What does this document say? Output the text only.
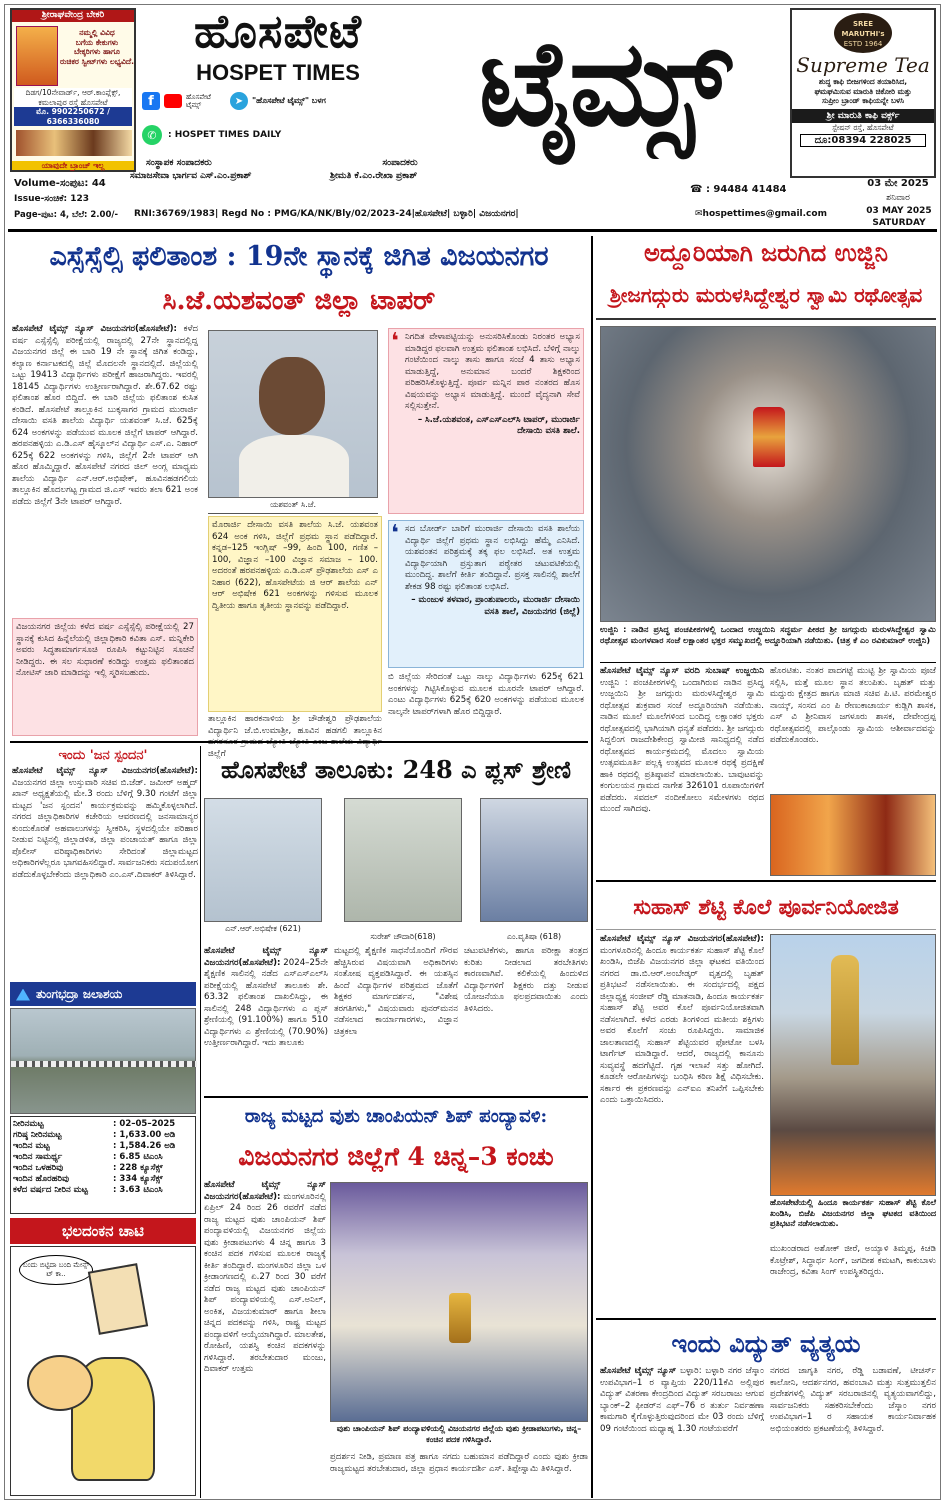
ಶ್ರೀರಾಘವೇಂದ್ರ ಬೇಕರಿ
ನಮ್ಮಲ್ಲಿ ವಿವಿಧ
ಬಗೆಯ ಕೇಕುಗಳು
ಬೇಕ್ಕರಿಗಳು ಹಾಗೂ
ರುಚಿಕರ ಸ್ವೀಟ್‌ಗಳು ಲಭ್ಯವಿದೆ.
ದಿಡಗ/10ನೇವಾರ್ಡ್, ಆರ್.ಕಾಂಪ್ಲೆಕ್ಸ್,
ಕಮಲಾಪುರ ರಸ್ತೆ ಹೊಸಪೇಟೆ
ಮೊ. 9902250672 / 6366336080
ಯಾವುದೇ ಬ್ರಾಂಚ್ ಇಲ್ಲ
ಹೊಸಪೇಟೆ
HOSPET TIMES	ಟೈಮ್ಸ್
f	ಹೊಸಪೇಟೆ ಟೈಮ್ಸ್	➤	"ಹೊಸಪೇಟೆ ಟೈಮ್ಸ್" ಬಳಗ
✆	: HOSPET TIMES DAILY
SREE MARUTHI's
ESTD 1964
Supreme Tea
ಶುದ್ಧ ಕಾಫಿ ಬೀಜಗಳಿಂದ ತಯಾರಿಸಿದ,
ಘಮಘಮಿಸುವ ಮಾರುತಿ ಚಿಕೋರಿ ಮತ್ತು
ಸುಪ್ರೀಂ ಬ್ರಾಂಡ್ ಕಾಫಿಯನ್ನೇ ಬಳಸಿ
ಶ್ರೀ ಮಾರುತಿ ಕಾಫಿ ವರ್ಕ್ಸ್
ಸ್ಟೇಷನ್ ರಸ್ತೆ, ಹೊಸಪೇಟೆ
ದೂ:08394 228025
ಸಂಸ್ಥಾಪಕ ಸಂಪಾದಕರು	ಸಂಪಾದಕರು
ಸಮಾಜಸೇವಾ ಭಾರ್ಗವ ಎಸ್.ಎಂ.ಪ್ರಕಾಶ್	ಶ್ರೀಮತಿ ಕೆ.ಎಂ.ರೇಖಾ ಪ್ರಕಾಶ್
Volume-ಸಂಪುಟ: 44
Issue-ಸಂಚಿಕೆ: 123
Page-ಪುಟ: 4, ಬೆಲೆ: 2.00/-
☎ : 94484 41484
03 ಮೇ 2025
ಶನಿವಾರ
RNI:36769/1983| Regd No : PMG/KA/NK/Bly/02/2023-24|ಹೊಸಪೇಟೆ| ಬಳ್ಳಾರಿ| ವಿಜಯನಗರ|	✉hospettimes@gmail.com	03 MAY 2025
SATURDAY
ಎಸ್ಸೆಸ್ಸೆಲ್ಸಿ ಫಲಿತಾಂಶ : 19ನೇ ಸ್ಥಾನಕ್ಕೆ ಜಿಗಿತ ವಿಜಯನಗರ
ಸಿ.ಜೆ.ಯಶವಂತ್ ಜಿಲ್ಲಾ ಟಾಪರ್

ಹೊಸಪೇಟೆ ಟೈಮ್ಸ್ ನ್ಯೂಸ್ ವಿಜಯನಗರ(ಹೊಸಪೇಟೆ): ಕಳೆದ ವರ್ಷ ಎಸ್ಸೆಸ್ಸೆಲ್ಸಿ ಪರೀಕ್ಷೆಯಲ್ಲಿ ರಾಜ್ಯದಲ್ಲಿ 27ನೇ ಸ್ಥಾನದಲ್ಲಿದ್ದ ವಿಜಯನಗರ ಜಿಲ್ಲೆ ಈ ಬಾರಿ 19 ನೇ ಸ್ಥಾನಕ್ಕೆ ಜಿಗಿತ ಕಂಡಿದ್ದು, ಕಲ್ಯಾಣ ಕರ್ನಾಟಕದಲ್ಲಿ ಜಿಲ್ಲೆ ಮೊದಲನೇ ಸ್ಥಾನದಲ್ಲಿದೆ. ಜಿಲ್ಲೆಯಲ್ಲಿ ಒಟ್ಟು 19413 ವಿದ್ಯಾರ್ಥಿಗಳು ಪರೀಕ್ಷೆಗೆ ಹಾಜರಾಗಿದ್ದರು. ಇವರಲ್ಲಿ 18145 ವಿದ್ಯಾರ್ಥಿಗಳು ಉತ್ತೀರ್ಣರಾಗಿದ್ದಾರೆ. ಶೇ.67.62 ರಷ್ಟು ಫಲಿತಾಂಶ ಹೊರ ಬಿದ್ದಿದೆ. ಈ ಬಾರಿ ಜಿಲ್ಲೆಯ ಫಲಿತಾಂಶ ಕುಸಿತ ಕಂಡಿದೆ. ಹೊಸಪೇಟೆ ತಾಲ್ಲೂಕಿನ ಬುಕ್ಕಸಾಗರ ಗ್ರಾಮದ ಮುರಾರ್ಜಿ ದೇಸಾಯಿ ವಸತಿ ಶಾಲೆಯ ವಿದ್ಯಾರ್ಥಿ ಯಶವಂತ್ ಸಿ.ಜೆ. 625ಕ್ಕೆ 624 ಅಂಕಗಳನ್ನು ಪಡೆಯುವ ಮೂಲಕ ಜಿಲ್ಲೆಗೆ ಟಾಪರ್ ಆಗಿದ್ದಾರೆ. ಹರಪನಹಳ್ಳಿಯ ಎ.ಡಿ.ಎಸ್ ಹೈಸ್ಕೂಲ್‌ನ ವಿದ್ಯಾರ್ಥಿ ಎಸ್.ಎ. ನಿಹಾರ್ 625ಕ್ಕೆ 622 ಅಂಕಗಳನ್ನು ಗಳಿಸಿ, ಜಿಲ್ಲೆಗೆ 2ನೇ ಟಾಪರ್ ಆಗಿ ಹೊರ ಹೊಮ್ಮಿದ್ದಾರೆ. ಹೊಸಪೇಟೆ ನಗರದ ಜಿಲ್ ಅಂಗ್ಲ ಮಾಧ್ಯಮ ಶಾಲೆಯ ವಿದ್ಯಾರ್ಥಿ ಎನ್.ಆರ್.ಅಭಿಷೇಕ್, ಹೂವಿನಹಡಗಲಿಯ ತಾಲ್ಲೂಕಿನ ಹೊದಲಗಟ್ಟ ಗ್ರಾಮದ ಜಿ.ಎಸ್ ಇವರು ತಲಾ 621 ಅಂಕ ಪಡೆದು ಜಿಲ್ಲೆಗೆ 3ನೇ ಟಾಪರ್ ಆಗಿದ್ದಾರೆ.

ವಿಜಯನಗರ ಜಿಲ್ಲೆಯ ಕಳೆದ ವರ್ಷ ಎಸ್ಸೆಸ್ಸೆಲ್ಸಿ ಪರೀಕ್ಷೆಯಲ್ಲಿ 27 ಸ್ಥಾನಕ್ಕೆ ಕುಸಿದ ಹಿನ್ನೆಲೆಯಲ್ಲಿ ಜಿಲ್ಲಾಧಿಕಾರಿ ಕವಿತಾ ಎಸ್. ಮನ್ನಿಕೇರಿ ಅವರು ಸಿದ್ಧತಾಮಾರ್ಗಸೂಚಿ ರೂಪಿಸಿ ಕಟ್ಟುನಿಟ್ಟಿನ ಸೂಚನೆ ನೀಡಿದ್ದರು. ಈ ಸಲ ಸುಧಾರಣೆ ಕಂಡಿದ್ದು ಉತ್ತಮ ಫಲಿತಾಂಶದ ನೋಟಿಸ್ ಜಾರಿ ಮಾಡಿದನ್ನು ಇಲ್ಲಿ ಸ್ಮರಿಸಬಹುದು.
ಯಶವಂತ್ ಸಿ.ಜೆ.
ಮೊರಾರ್ಜಿ ದೇಸಾಯಿ ವಸತಿ ಶಾಲೆಯ ಸಿ.ಜೆ. ಯಶವಂತ 624 ಅಂಕ ಗಳಿಸಿ, ಜಿಲ್ಲೆಗೆ ಪ್ರಥಮ ಸ್ಥಾನ ಪಡೆದಿದ್ದಾರೆ. ಕನ್ನಡ–125 ಇಂಗ್ಲಿಷ್ –99, ಹಿಂದಿ 100, ಗಣಿತ –100, ವಿಜ್ಞಾನ –100 ವಿಜ್ಞಾನ ಸಮಾಜ – 100. ಅದರಂತೆ ಹರಪನಹಳ್ಳಿಯ ಎ.ಡಿ.ಎಸ್ ಪ್ರೌಢಶಾಲೆಯ ಎಸ್ ಎ ನಿಹಾರ (622), ಹೊಸಪೇಟೆಯ ಜಿ ಆರ್ ಶಾಲೆಯ ಎನ್ ಆರ್ ಅಭಿಷೇಕ 621 ಅಂಕಗಳನ್ನು ಗಳಿಸುವ ಮೂಲಕ ದ್ವಿತೀಯ ಹಾಗೂ ತೃತೀಯ ಸ್ಥಾನವನ್ನು ಪಡೆದಿದ್ದಾರೆ.
ತಾಲ್ಲೂಕಿನ ಹಾರಕನಾಳಿಯ ಶ್ರೀ ಚೌಡೇಶ್ವರಿ ಪ್ರೌಢಶಾಲೆಯ ವಿದ್ಯಾರ್ಥಿನಿ ಜೆ.ಬಿ.ಉಮಾಶ್ರೀ, ಹೂವಿನ ಹಡಗಲಿ ತಾಲ್ಲೂಕಿನ ಜಿಲ್ಲೆಗೆ
❛ ನಿಗದಿತ ವೇಳಾಪಟ್ಟಿಯನ್ನು ಅನುಸರಿಸಿಕೊಂಡು ನಿರಂತರ ಅಭ್ಯಾಸ ಮಾಡಿದ್ದರ ಫಲವಾಗಿ ಉತ್ತಮ ಫಲಿತಾಂಶ ಲಭಿಸಿದೆ. ಬೆಳಿಗ್ಗೆ ನಾಲ್ಕು ಗಂಟೆಯಿಂದ ನಾಲ್ಕು ತಾಸು ಹಾಗೂ ಸಂಜೆ 4 ತಾಸು ಅಭ್ಯಾಸ ಮಾಡುತ್ತಿದ್ದೆ, ಅನುಮಾನ ಬಂದರೆ ಶಿಕ್ಷಕರಿಂದ ಪರಿಹರಿಸಿಕೊಳ್ಳುತ್ತಿದ್ದೆ. ಪೂರ್ವ ಮನ್ನಿನ ಪಾಠ ನಂತರದ ಹೊಸ ವಿಷಯವನ್ನು ಅಭ್ಯಾಸ ಮಾಡುತ್ತಿದ್ದೆ. ಮುಂದೆ ವೈದ್ಯನಾಗಿ ಸೇವೆ ಸಲ್ಲಿಸುತ್ತೇನೆ.
– ಸಿ.ಜೆ.ಯಶವಂತ, ಎಸ್ಎಸ್ಎಲ್‌ಸಿ ಟಾಪರ್, ಮುರಾರ್ಜಿ ದೇಸಾಯಿ ವಸತಿ ಶಾಲೆ.
❛ ಸದ ಬೋರ್ಡ್ ಬಾರಿಗೆ ಮುರಾರ್ಜಿ ದೇಸಾಯಿ ವಸತಿ ಶಾಲೆಯ ವಿದ್ಯಾರ್ಥಿ ಜಿಲ್ಲೆಗೆ ಪ್ರಥಮ ಸ್ಥಾನ ಲಭಿಸಿದ್ದು ಹೆಮ್ಮೆ ಎನಿಸಿದೆ. ಯಶವಂತನ ಪರಿಶ್ರಮಕ್ಕೆ ತಕ್ಕ ಫಲ ಲಭಿಸಿದೆ. ಅತ ಉತ್ತಮ ವಿದ್ಯಾರ್ಥಿಯಾಗಿ ಪ್ರಸ್ತುತಾಗ ಪಠ್ಯೇತರ ಚಟುವಟಿಕೆಯಲ್ಲಿ ಮುಂದಿದ್ದ. ಶಾಲೆಗೆ ಕೀರ್ತಿ ತಂದಿದ್ದಾನೆ. ಪ್ರಸಕ್ತ ಸಾಲಿನಲ್ಲಿ ಶಾಲೆಗೆ ಶೇಕಡ 98 ರಷ್ಟು ಫಲಿತಾಂಶ ಲಭಿಸಿದೆ.
– ಮಂಜುಳ ತಳವಾರ, ಪ್ರಾಂಶುಪಾಲರು, ಮುರಾರ್ಜಿ ದೇಸಾಯಿ ವಸತಿ ಶಾಲೆ, ವಿಜಯನಗರ (ಜಿಲ್ಲೆ)
ಬಿ ಜಿಲ್ಲೆಯ ಸೇರಿದಂತೆ ಒಟ್ಟು ನಾಲ್ಕು ವಿದ್ಯಾರ್ಥಿಗಳು 625ಕ್ಕೆ 621 ಅಂಕಗಳನ್ನು ಗಿಟ್ಟಿಸಿಕೊಳ್ಳುವ ಮೂಲಕ ಮೂರನೇ ಟಾಪರ್ ಆಗಿದ್ದಾರೆ. ಎಂಟು ವಿದ್ಯಾರ್ಥಿಗಳು 625ಕ್ಕೆ 620 ಅಂಕಗಳನ್ನು ಪಡೆಯುವ ಮೂಲಕ ನಾಲ್ಕನೇ ಟಾಪರ್‌ಗಳಾಗಿ ಹೊರ ಬಿದ್ದಿದ್ದಾರೆ.
ಅದ್ದೂರಿಯಾಗಿ ಜರುಗಿದ ಉಜ್ಜಿನಿ
ಶ್ರೀಜಗದ್ಗುರು ಮರುಳಸಿದ್ದೇಶ್ವರ ಸ್ವಾಮಿ ರಥೋತ್ಸವ
ಉಜ್ಜಿನಿ : ನಾಡಿನ ಪ್ರಸಿದ್ಧ ಪಂಚಪೀಠಗಳಲ್ಲಿ ಒಂದಾದ ಉಜ್ಜಯಿನಿ ಸದ್ಧರ್ಮ ಪೀಠದ ಶ್ರೀ ಜಗದ್ಗುರು ಮರುಳಸಿದ್ದೇಶ್ವರ ಸ್ವಾಮಿ ರಥೋತ್ಸವ ಮಂಗಳವಾರ ಸಂಜೆ ಲಕ್ಷಾಂತರ ಭಕ್ತರ ಸಮ್ಮುಖದಲ್ಲಿ ಅದ್ದೂರಿಯಾಗಿ ನಡೆಯಿತು. (ಚಿತ್ರ ಕೆ ಎಂ ರವಿಕುಮಾರ್ ಉಜ್ಜಿನಿ)

ಹೊಸಪೇಟೆ ಟೈಮ್ಸ್ ನ್ಯೂಸ್ ವರದಿ ಸುಬಾಷ್ ಉಜ್ಜಯಿನಿ ಉಜ್ಜಿನಿ : ಪಂಚಪೀಠಗಳಲ್ಲಿ ಒಂದಾಗಿರುವ ನಾಡಿನ ಪ್ರಸಿದ್ಧ ಉಜ್ಜಯಿನಿ ಶ್ರೀ ಜಗದ್ಗುರು ಮರುಳಸಿದ್ದೇಶ್ವರ ಸ್ವಾಮಿ ರಥೋತ್ಸವ ಶುಕ್ರವಾರ ಸಂಜೆ ಅದ್ದೂರಿಯಾಗಿ ನಡೆಯಿತು. ನಾಡಿನ ಮೂಲೆ ಮೂಲೆಗಳಿಂದ ಬಂದಿದ್ದ ಲಕ್ಷಾಂತರ ಭಕ್ತರು ರಥೋತ್ಸವದಲ್ಲಿ ಭಾಗಿಯಾಗಿ ಧನ್ಯತೆ ಪಡೆದರು. ಶ್ರೀ ಜಗದ್ಗುರು ಸಿದ್ದಲಿಂಗ ರಾಜದೇಶಿಕೇಂದ್ರ ಸ್ವಾಮೀಜಿ ಸಾನಿಧ್ಯದಲ್ಲಿ ನಡೆದ ರಥೋತ್ಸವದ ಕಾರ್ಯಕ್ರಮದಲ್ಲಿ ಮೊದಲು ಸ್ವಾಮಿಯ ಉತ್ಸವಮೂರ್ತಿ ಪಲ್ಲಕ್ಕಿ ಉತ್ಸವದ ಮೂಲಕ ರಥಕ್ಕೆ ಪ್ರದಕ್ಷಿಣೆ ಹಾಕಿ ರಥದಲ್ಲಿ ಪ್ರತಿಷ್ಠಾಪನೆ ಮಾಡಲಾಯಿತು. ಬಾವುಟವನ್ನು ಕಂಗುಲಯನ ಗ್ರಾಮದ ನಾಗೇಶ 326101 ರೂಪಾಯಿಗಳಿಗೆ ಪಡೆದರು. ಸವದಲ್ ನಂದೀಕೋಲು ಸಮೇಳಗಳು ರಥದ ಮುಂದೆ ಸಾಗಿದವು.

ಹೊರಟಿತು. ನಂತರ ಪಾದಗಟ್ಟೆ ಮುಟ್ಟಿ ಶ್ರೀ ಸ್ವಾಮಿಯ ಪೂಜೆ ಸಲ್ಲಿಸಿ, ಮತ್ತೆ ಮೂಲ ಸ್ಥಾನ ತಲುಪಿತು. ಬೃಹತ್ ಮತ್ತು ಮದ್ದುರು ಕ್ಷೇತ್ರದ ಹಾಗೂ ಮಾಜಿ ಸಚಿವ ಪಿ.ಟಿ. ಪರಮೇಶ್ವರ ನಾಯ್ಕ್, ಸಂಸದ ಎಂ ಪಿ ರೇಣುಕಾಚಾರ್ಯ ಕುಡ್ಲಿಗಿ ಶಾಸಕ, ಎಸ್ ವಿ ಶ್ರೀನಿವಾಸ ಜಗಳೂರು ಶಾಸಕ, ದೇವೇಂದ್ರಪ್ಪ ರಥೋತ್ಸವದಲ್ಲಿ ಪಾಲ್ಗೊಂಡು ಸ್ವಾಮಿಯ ಆಶೀರ್ವಾದವನ್ನು ಪಡೆದುಕೊಂಡರು.
ಇಂದು 'ಜನ ಸ್ಪಂದನ'

ಹೊಸಪೇಟೆ ಟೈಮ್ಸ್ ನ್ಯೂಸ್ ವಿಜಯನಗರ(ಹೊಸಪೇಟೆ): ವಿಜಯನಗರ ಜಿಲ್ಲಾ ಉಸ್ತುವಾರಿ ಸಚಿವ ಬಿ.ಜೆಡ್. ಜಮೀರ್ ಅಹ್ಮದ್ ಖಾನ್ ಅಧ್ಯಕ್ಷತೆಯಲ್ಲಿ ಮೇ.3 ರಂದು ಬೆಳಿಗ್ಗೆ 9.30 ಗಂಟೆಗೆ ಜಿಲ್ಲಾ ಮಟ್ಟದ 'ಜನ ಸ್ಪಂದನ' ಕಾರ್ಯಕ್ರಮವನ್ನು ಹಮ್ಮಿಕೊಳ್ಳಲಾಗಿದೆ. ನಗರದ ಜಿಲ್ಲಾಧಿಕಾರಿಗಳ ಕಚೇರಿಯ ಆವರಣದಲ್ಲಿ ಜನಸಾಮಾನ್ಯರ ಕುಂದುಕೊರತೆ ಅಹವಾಲುಗಳನ್ನು ಸ್ವೀಕರಿಸಿ, ಸ್ಥಳದಲ್ಲಿಯೇ ಪರಿಹಾರ ನೀಡುವ ನಿಟ್ಟಿನಲ್ಲಿ ಜಿಲ್ಲಾಡಳಿತ, ಜಿಲ್ಲಾ ಪಂಚಾಯತ್ ಹಾಗೂ ಜಿಲ್ಲಾ ಪೊಲೀಸ್ ವರಿಷ್ಠಾಧಿಕಾರಿಗಳು ಸೇರಿದಂತೆ ಜಿಲ್ಲಾಮಟ್ಟದ ಅಧಿಕಾರಿಗಳೆಲ್ಲರೂ ಭಾಗವಹಿಸಲಿದ್ದಾರೆ. ಸಾರ್ವಜನಿಕರು ಸದುಪಯೋಗ ಪಡೆದುಕೊಳ್ಳಬೇಕೆಂದು ಜಿಲ್ಲಾಧಿಕಾರಿ ಎಂ.ಎಸ್.ದಿವಾಕರ್ ತಿಳಿಸಿದ್ದಾರೆ.

ತುಂಗಭದ್ರಾ ಜಲಾಶಯ
ನೀರಿನಮಟ್ಟ	: 02–05–2025
ಗರಿಷ್ಠ ನೀರಿನಮಟ್ಟ	: 1,633.00 ಅಡಿ
ಇಂದಿನ ಮಟ್ಟ	: 1,584.26 ಅಡಿ
ಇಂದಿನ ಸಾಮರ್ಥ್ಯ	: 6.85 ಟಿಎಂಸಿ
ಇಂದಿನ ಒಳಹರಿವು	: 228 ಕ್ಯೂಸೆಕ್ಸ್
ಇಂದಿನ ಹೊರಹರಿವು	: 334 ಕ್ಯೂಸೆಕ್ಸ್
ಕಳೆದ ವರ್ಷದ ನೀರಿನ ಮಟ್ಟ	: 3.63 ಟಿಎಂಸಿ
ಭಲದಂಕನ ಚಾಟಿ
ಬಂದು ಬಿಟ್ಟಿದಾ ಬಂದಿ ಮೇನ್ಸ್ ಟ್ ಕಾ..
ಹೊಸಪೇಟೆ ತಾಲೂಕು: 248 ಎ ಪ್ಲಸ್ ಶ್ರೇಣಿ
ಎನ್.ಆರ್.ಅಭಿಷೇಕ (621)
ಸುರೇಶ್ ಚೌದಾರಿ(618)	ಎಂ.ವೃತಿಷಾ (618)

ಹೊಸಪೇಟೆ ಟೈಮ್ಸ್ ನ್ಯೂಸ್ ವಿಜಯನಗರ(ಹೊಸಪೇಟೆ): 2024–25ನೇ ಶೈಕ್ಷಣಿಕ ಸಾಲಿನಲ್ಲಿ ನಡೆದ ಎಸ್ಎಸ್ಎಲ್‌ಸಿ ಪರೀಕ್ಷೆಯಲ್ಲಿ ಹೊಸಪೇಟೆ ತಾಲೂಕು ಶೇ. 63.32 ಫಲಿತಾಂಶ ದಾಖಲಿಸಿದ್ದು, ಈ ಸಾಲಿನಲ್ಲಿ 248 ವಿದ್ಯಾರ್ಥಿಗಳು ಎ ಪ್ಲಸ್ ಶ್ರೇಣಿಯಲ್ಲಿ (91.100%) ಹಾಗೂ 510 ವಿದ್ಯಾರ್ಥಿಗಳು ಎ ಶ್ರೇಣಿಯಲ್ಲಿ (70.90%) ಉತ್ತೀರ್ಣರಾಗಿದ್ದಾರೆ. ಇದು ತಾಲೂಕು

ಮಟ್ಟದಲ್ಲಿ ಶೈಕ್ಷಣಿಕ ಸಾಧನೆಯೊಂದಿಗೆ ಗೌರವ ಹೆಚ್ಚಿಸಿರುವ ವಿಷಯವಾಗಿ ಅಧಿಕಾರಿಗಳು ಸಂತೋಷ ವ್ಯಕ್ತಪಡಿಸಿದ್ದಾರೆ. ಈ ಯಶಸ್ಸಿನ ಹಿಂದೆ ವಿದ್ಯಾರ್ಥಿಗಳ ಪರಿಶ್ರಮದ ಜೊತೆಗೆ ಶಿಕ್ಷಕರ ಮಾರ್ಗದರ್ಶನ, "ವಿಶೇಷ ತರಗತಿಗಳು," ವಿಷಯವಾರು ಪುನರ್‌ಮನನ ನಡೆಸಲಾದ ಕಾರ್ಯಾಗಾರಗಳು, ವಿಜ್ಞಾನ ಚಿತ್ರಕಲಾ
ಚಟುವಟಿಕೆಗಳು, ಹಾಗೂ ಪರೀಕ್ಷಾ ತಂತ್ರದ ಕುರಿತು ನೀಡಲಾದ ತರಬೇತಿಗಳು ಕಾರಣವಾಗಿವೆ. ಕಲಿಕೆಯಲ್ಲಿ ಹಿಂದುಳಿದ ವಿದ್ಯಾರ್ಥಿಗಳಿಗೆ ಶಿಕ್ಷಕರು ದತ್ತು ನೀಡುವ ಯೋಜನೆಯೂ ಫಲಪ್ರದವಾಯಿತು ಎಂದು ತಿಳಿಸಿದರು.
ರಾಜ್ಯ ಮಟ್ಟದ ವುಶು ಚಾಂಪಿಯನ್ ಶಿಪ್ ಪಂದ್ಯಾವಳಿ:
ವಿಜಯನಗರ ಜಿಲ್ಲೆಗೆ 4 ಚಿನ್ನ–3 ಕಂಚು

ಹೊಸಪೇಟೆ ಟೈಮ್ಸ್ ನ್ಯೂಸ್ ವಿಜಯನಗರ(ಹೊಸಪೇಟೆ): ಮಂಗಳೂರಿನಲ್ಲಿ ಏಪ್ರಿಲ್ 24 ರಿಂದ 26 ರವರೆಗೆ ನಡೆದ ರಾಜ್ಯ ಮಟ್ಟದ ವುಶು ಚಾಂಪಿಯನ್ ಶಿಪ್ ಪಂದ್ಯಾವಳಿಯಲ್ಲಿ ವಿಜಯನಗರ ಜಿಲ್ಲೆಯ ವುಶು ಕ್ರೀಡಾಪಟುಗಳು 4 ಚಿನ್ನ ಹಾಗೂ 3 ಕಂಚಿನ ಪದಕ ಗಳಿಸುವ ಮೂಲಕ ರಾಜ್ಯಕ್ಕೆ ಕೀರ್ತಿ ತಂದಿದ್ದಾರೆ. ಮಂಗಳೂರಿನ ಜಿಲ್ಲಾ ಒಳ ಕ್ರೀಡಾಂಗಣದಲ್ಲಿ ಏ.27 ರಿಂದ 30 ವರೆಗೆ ನಡೆದ ರಾಜ್ಯ ಮಟ್ಟದ ವುಶು ಚಾಂಪಿಯನ್ ಶಿಪ್ ಪಂದ್ಯಾವಳಿಯಲ್ಲಿ ಎಸ್.ಅನಿಲ್, ಅಂಕಿತ, ವಿಜಯಕುಮಾರ್ ಹಾಗೂ ಶೀಲಾ ಚಿನ್ನದ ಪದಕವನ್ನು ಗಳಿಸಿ, ರಾಷ್ಟ್ರ ಮಟ್ಟದ ಪಂದ್ಯಾವಳಿಗೆ ಆಯ್ಕೆಯಾಗಿದ್ದಾರೆ. ಮಾಲತೇಶ, ರೋಹಿಣಿ, ಯಶಸ್ವಿ ಕಂಚಿನ ಪದಕಗಳನ್ನು ಗಳಿಸಿದ್ದಾರೆ. ತರಬೇತುದಾರ ಮಂಜು, ದಿವಾಕರ್ ಉತ್ತಮ

ವುಶು ಚಾಂಪಿಯನ್ ಶಿಪ್ ಪಂದ್ಯಾವಳಿಯಲ್ಲಿ ವಿಜಯನಗರ ಜಿಲ್ಲೆಯ ವುಶು ಕ್ರೀಡಾಪಟುಗಳು, ಚಿನ್ನ–ಕಂಚಿನ ಪದಕ ಗಳಿಸಿದ್ದಾರೆ.
ಪ್ರದರ್ಶನ ನೀಡಿ, ಪ್ರಮಾಣ ಪತ್ರ ಹಾಗೂ ನಗದು ಬಹುಮಾನ ಪಡೆದಿದ್ದಾರೆ ಎಂದು ವುಶು ಕ್ರೀಡಾ ರಾಜ್ಯಮಟ್ಟದ ತರಬೇತುದಾರ, ಜಿಲ್ಲಾ ಪ್ರಧಾನ ಕಾರ್ಯದರ್ಶಿ ಎಸ್. ತಿಪ್ಪೇಸ್ವಾಮಿ ತಿಳಿಸಿದ್ದಾರೆ.
ಸುಹಾಸ್ ಶೆಟ್ಟಿ ಕೊಲೆ ಪೂರ್ವನಿಯೋಜಿತ

ಹೊಸಪೇಟೆ ಟೈಮ್ಸ್ ನ್ಯೂಸ್ ವಿಜಯನಗರ(ಹೊಸಪೇಟೆ): ಮಂಗಳೂರಿನಲ್ಲಿ ಹಿಂದೂ ಕಾರ್ಯಕರ್ತ ಸುಹಾಸ್ ಶೆಟ್ಟಿ ಕೊಲೆ ಖಂಡಿಸಿ, ಬಿಜೆಪಿ ವಿಜಯನಗರ ಜಿಲ್ಲಾ ಘಟಕದ ವತಿಯಿಂದ ನಗರದ ಡಾ.ಬಿ.ಆರ್.ಅಂಬೇಡ್ಕರ್ ವೃತ್ತದಲ್ಲಿ ಬೃಹತ್ ಪ್ರತಿಭಟನೆ ನಡೆಸಲಾಯಿತು. ಈ ಸಂದರ್ಭದಲ್ಲಿ ಪಕ್ಷದ ಜಿಲ್ಲಾಧ್ಯಕ್ಷ ಸಂಜೀವ್ ರೆಡ್ಡಿ ಮಾತನಾಡಿ, ಹಿಂದೂ ಕಾರ್ಯಕರ್ತ ಸುಹಾಸ್ ಶೆಟ್ಟಿ ಅವರ ಕೊಲೆ ಪೂರ್ವನಿಯೋಜಿತವಾಗಿ ನಡೆಸಲಾಗಿದೆ. ಕಳೆದ ಎರಡು ತಿಂಗಳಿಂದ ಮತೀಯ ಶಕ್ತಿಗಳು ಅವರ ಕೊಲೆಗೆ ಸಂಚು ರೂಪಿಸಿದ್ದರು. ಸಾಮಾಜಿಕ ಜಾಲತಾಣದಲ್ಲಿ ಸುಹಾಸ್ ಶೆಟ್ಟಿಯವರ ಫೋಟೋ ಬಳಸಿ ಟಾರ್ಗೆಟ್ ಮಾಡಿದ್ದಾರೆ. ಆದರೆ, ರಾಜ್ಯದಲ್ಲಿ ಕಾನೂನು ಸುವ್ಯವಸ್ಥೆ ಹದಗೆಟ್ಟಿದೆ. ಗೃಹ ಇಲಾಖೆ ಸತ್ತು ಹೋಗಿದೆ. ಕೂಡಲೇ ಆರೋಪಿಗಳನ್ನು ಬಂಧಿಸಿ ಕಠಿಣ ಶಿಕ್ಷೆ ವಿಧಿಸಬೇಕು. ಸರ್ಕಾರ ಈ ಪ್ರಕರಣವನ್ನು ಎನ್‌ಐಎ ತನಿಖೆಗೆ ಒಪ್ಪಿಸಬೇಕು ಎಂದು ಒತ್ತಾಯಿಸಿದರು.

ಹೊಸಪೇಟೆಯಲ್ಲಿ ಹಿಂದೂ ಕಾರ್ಯಕರ್ತ ಸುಹಾಸ್ ಶೆಟ್ಟಿ ಕೊಲೆ ಖಂಡಿಸಿ, ಬಿಜೆಪಿ ವಿಜಯನಗರ ಜಿಲ್ಲಾ ಘಟಕದ ವತಿಯಿಂದ ಪ್ರತಿಭಟನೆ ನಡೆಸಲಾಯಿತು.
ಮುಖಂಡರಾದ ಅಶೋಕ್ ಜೀರೆ, ಅಯ್ಯಾಳಿ ತಿಮ್ಮಪ್ಪ, ಕಿಚಡಿ ಕೊಟ್ರೇಶ್, ಸಿದ್ಧಾರ್ಥ ಸಿಂಗ್, ಜಗದೀಶ ಕಮಟಗಿ, ಕಾಕುಬಾಳು ರಾಜೇಂದ್ರ, ಕವಿತಾ ಸಿಂಗ್ ಉಪಸ್ಥಿತರಿದ್ದರು.
ಇಂದು ವಿದ್ಯುತ್ ವ್ಯತ್ಯಯ

ಹೊಸಪೇಟೆ ಟೈಮ್ಸ್ ನ್ಯೂಸ್ ಬಳ್ಳಾರಿ: ಬಳ್ಳಾರಿ ನಗರ ಜೆಸ್ಕಾಂ ಉಪವಿಭಾಗ–1 ರ ವ್ಯಾಪ್ತಿಯ 220/11ಕೆವಿ ಅಲ್ಲಿಪುರ ವಿದ್ಯುತ್ ವಿತರಣಾ ಕೇಂದ್ರದಿಂದ ವಿದ್ಯುತ್ ಸರಬರಾಜು ಆಗುವ ಬ್ಯಾಂಕ್–2 ಫೀಡರ್‌ನ ಎಫ್–76 ರ ತುರ್ತು ನಿರ್ವಹಣಾ ಕಾಮಗಾರಿ ಕೈಗೊಳ್ಳುತ್ತಿರುವುದರಿಂದ ಮೇ 03 ರಂದು ಬೆಳಿಗ್ಗೆ 09 ಗಂಟೆಯಿಂದ ಮಧ್ಯಾಹ್ನ 1.30 ಗಂಟೆಯವರೆಗೆ

ನಗರದ ಜಾಗೃತಿ ನಗರ, ರೆಡ್ಡಿ ಬಡಾವಣೆ, ಟೀಚರ್ಸ್ ಕಾಲೋನಿ, ಆದರ್ಶನಗರ, ಹವಂಬಾವಿ ಮತ್ತು ಸುತ್ತಮುತ್ತಲಿನ ಪ್ರದೇಶಗಳಲ್ಲಿ ವಿದ್ಯುತ್ ಸರಬರಾಜಿನಲ್ಲಿ ವ್ಯತ್ಯಯವಾಗಲಿದ್ದು, ಸಾರ್ವಜನಿಕರು ಸಹಕರಿಸಬೇಕೆಂದು ಜೆಸ್ಕಾಂ ನಗರ ಉಪವಿಭಾಗ–1 ರ ಸಹಾಯಕ ಕಾರ್ಯನಿರ್ವಾಹಕ ಅಭಿಯಂತರರು ಪ್ರಕಟಣೆಯಲ್ಲಿ ತಿಳಿಸಿದ್ದಾರೆ.
